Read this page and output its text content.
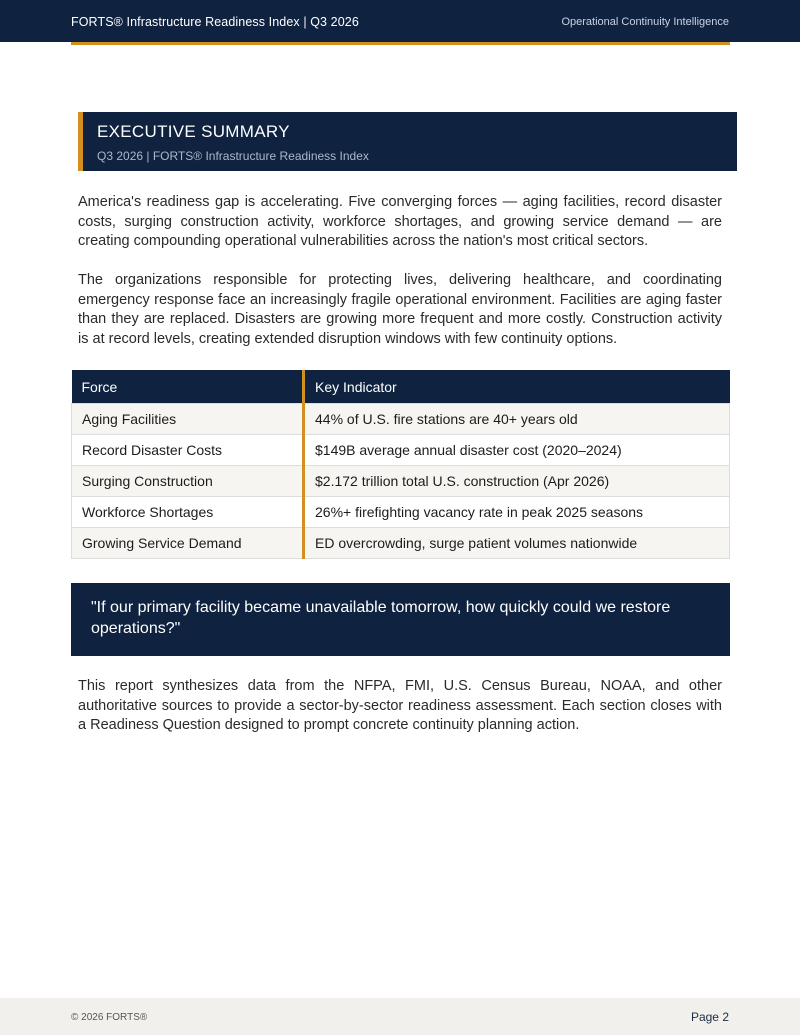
FORTS® Infrastructure Readiness Index | Q3 2026	Operational Continuity Intelligence
EXECUTIVE SUMMARY
Q3 2026 | FORTS® Infrastructure Readiness Index

America's readiness gap is accelerating. Five converging forces — aging facilities, record disaster costs, surging construction activity, workforce shortages, and growing service demand — are creating compounding operational vulnerabilities across the nation's most critical sectors.

The organizations responsible for protecting lives, delivering healthcare, and coordinating emergency response face an increasingly fragile operational environment. Facilities are aging faster than they are replaced. Disasters are growing more frequent and more costly. Construction activity is at record levels, creating extended disruption windows with few continuity options.

Force	Key Indicator
Aging Facilities	44% of U.S. fire stations are 40+ years old
Record Disaster Costs	$149B average annual disaster cost (2020–2024)
Surging Construction	$2.172 trillion total U.S. construction (Apr 2026)
Workforce Shortages	26%+ firefighting vacancy rate in peak 2025 seasons
Growing Service Demand	ED overcrowding, surge patient volumes nationwide
"If our primary facility became unavailable tomorrow, how quickly could we restore operations?"

This report synthesizes data from the NFPA, FMI, U.S. Census Bureau, NOAA, and other authoritative sources to provide a sector-by-sector readiness assessment. Each section closes with a Readiness Question designed to prompt concrete continuity planning action.

© 2026 FORTS®	Page 2
